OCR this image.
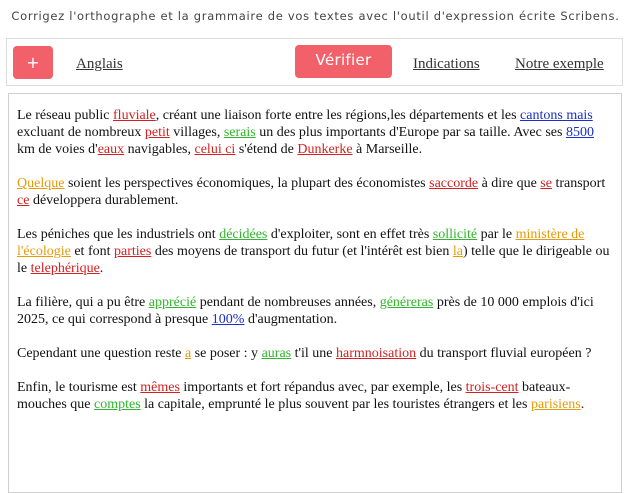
Corrigez l'orthographe et la grammaire de vos textes avec l'outil d'expression écrite Scribens.
+	Anglais	Vérifier	Indications Notre exemple

Le réseau public fluviale, créant une liaison forte entre les régions,les départements et les cantons mais excluant de nombreux petit villages, serais un des plus importants d'Europe par sa taille. Avec ses 8500 km de voies d'eaux navigables, celui ci s'étend de Dunkerke à Marseille.

Quelque soient les perspectives économiques, la plupart des économistes saccorde à dire que se transport ce développera durablement.

Les péniches que les industriels ont décidées d'exploiter, sont en effet très sollicité par le ministère de l'écologie et font parties des moyens de transport du futur (et l'intérêt est bien la) telle que le dirigeable ou le telephérique.

La filière, qui a pu être apprécié pendant de nombreuses années, généreras près de 10 000 emplois d'ici 2025, ce qui correspond à presque 100% d'augmentation.

Cependant une question reste a se poser : y auras t'il une harmnoisation du transport fluvial européen ?

Enfin, le tourisme est mêmes importants et fort répandus avec, par exemple, les trois-cent bateaux-mouches que comptes la capitale, emprunté le plus souvent par les touristes étrangers et les parisiens.
